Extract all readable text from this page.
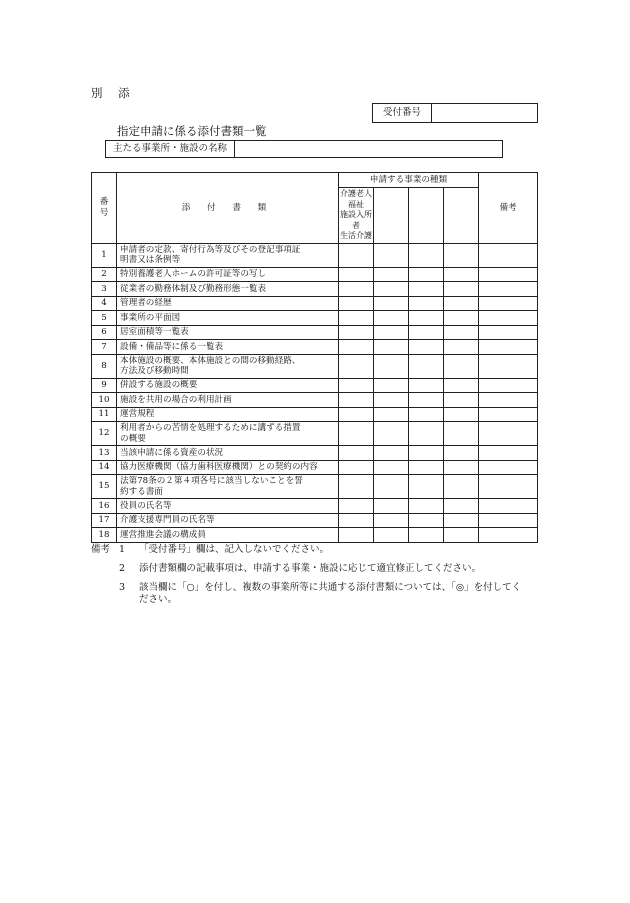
別 添
受付番号
指定申請に係る添付書類一覧
主たる事業所・施設の名称
番
号	添 付 書 類	申請する事業の種類				備考
		介護老人福祉
施設入所者
生活介護				
1	申請者の定款、寄付行為等及びその登記事項証
明書又は条例等					
2	特別養護老人ホームの許可証等の写し					
3	従業者の勤務体制及び勤務形態一覧表					
4	管理者の経歴					
5	事業所の平面図					
6	居室面積等一覧表					
7	設備・備品等に係る一覧表					
8	本体施設の概要、本体施設との間の移動経路、
方法及び移動時間					
9	併設する施設の概要					
10	施設を共用の場合の利用計画					
11	運営規程					
12	利用者からの苦情を処理するために講ずる措置
の概要					
13	当該申請に係る資産の状況					
14	協力医療機関（協力歯科医療機関）との契約の内容					
15	法第78条の２第４項各号に該当しないことを誓
約する書面					
16	役員の氏名等					
17	介護支援専門員の氏名等					
18	運営推進会議の構成員					
備考 1	「受付番号」欄は、記入しないでください。
2	添付書類欄の記載事項は、申請する事業・施設に応じて適宜修正してください。
3	該当欄に「○」を付し、複数の事業所等に共通する添付書類については、「◎」を付してく
ださい。
